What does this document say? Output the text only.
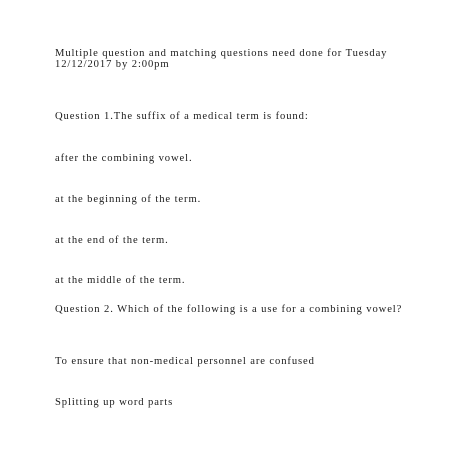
Multiple question and matching questions need done for Tuesday 12/12/2017 by 2:00pm
Question 1.The suffix of a medical term is found:
after the combining vowel.
at the beginning of the term.
at the end of the term.
at the middle of the term.
Question 2. Which of the following is a use for a combining vowel?
To ensure that non-medical personnel are confused
Splitting up word parts
